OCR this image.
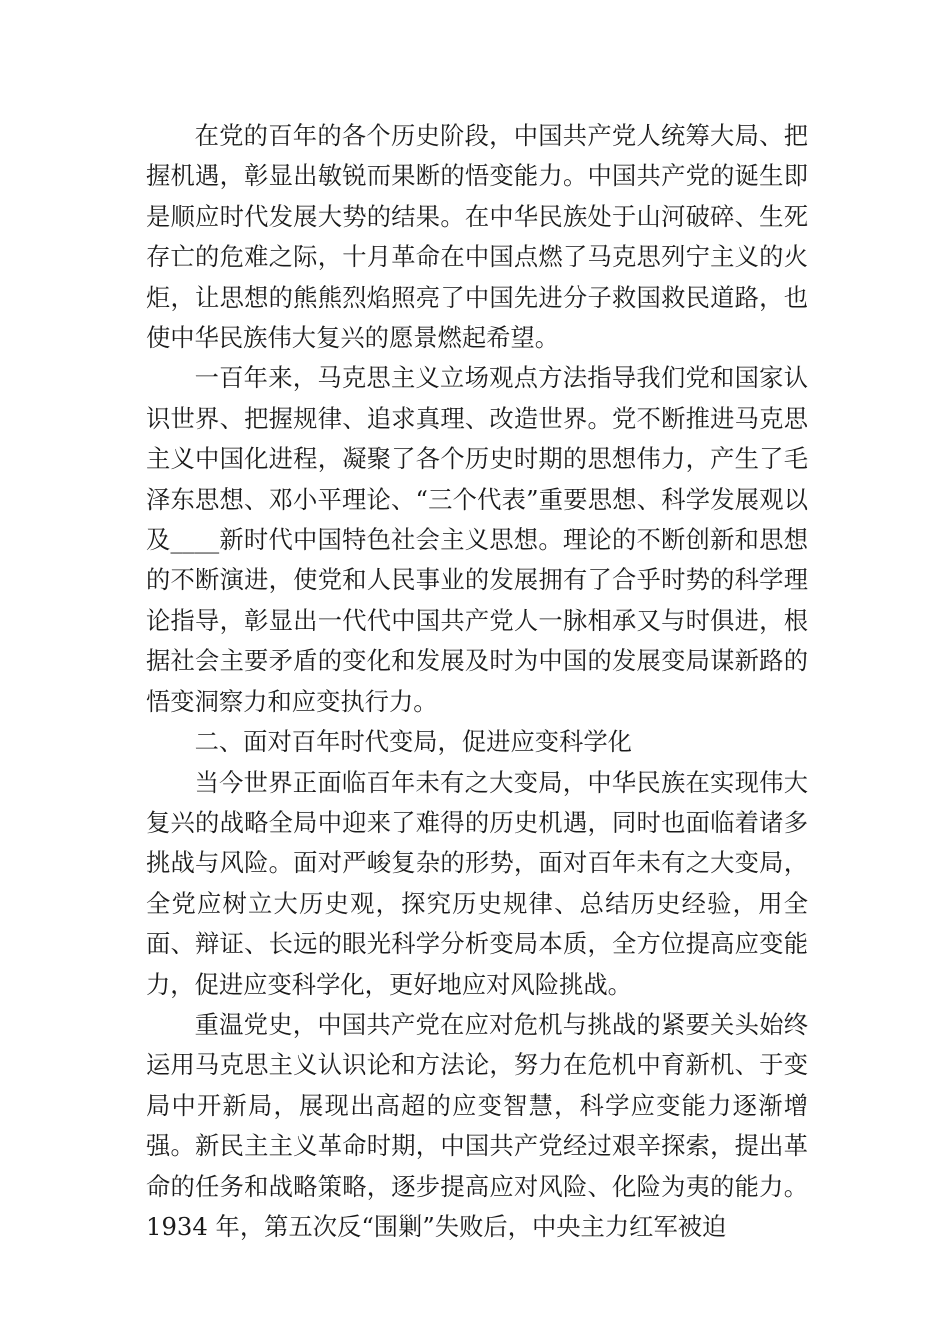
在党的百年的各个历史阶段，中国共产党人统筹大局、把握机遇，彰显出敏锐而果断的悟变能力。中国共产党的诞生即是顺应时代发展大势的结果。在中华民族处于山河破碎、生死存亡的危难之际，十月革命在中国点燃了马克思列宁主义的火炬，让思想的熊熊烈焰照亮了中国先进分子救国救民道路，也使中华民族伟大复兴的愿景燃起希望。

一百年来，马克思主义立场观点方法指导我们党和国家认识世界、把握规律、追求真理、改造世界。党不断推进马克思主义中国化进程，凝聚了各个历史时期的思想伟力，产生了毛泽东思想、邓小平理论、“三个代表”重要思想、科学发展观以及____新时代中国特色社会主义思想。理论的不断创新和思想的不断演进，使党和人民事业的发展拥有了合乎时势的科学理论指导，彰显出一代代中国共产党人一脉相承又与时俱进，根据社会主要矛盾的变化和发展及时为中国的发展变局谋新路的悟变洞察力和应变执行力。

二、面对百年时代变局，促进应变科学化

当今世界正面临百年未有之大变局，中华民族在实现伟大复兴的战略全局中迎来了难得的历史机遇，同时也面临着诸多挑战与风险。面对严峻复杂的形势，面对百年未有之大变局，全党应树立大历史观，探究历史规律、总结历史经验，用全面、辩证、长远的眼光科学分析变局本质，全方位提高应变能力，促进应变科学化，更好地应对风险挑战。

重温党史，中国共产党在应对危机与挑战的紧要关头始终运用马克思主义认识论和方法论，努力在危机中育新机、于变局中开新局，展现出高超的应变智慧，科学应变能力逐渐增强。新民主主义革命时期，中国共产党经过艰辛探索，提出革命的任务和战略策略，逐步提高应对风险、化险为夷的能力。1934 年，第五次反“围剿”失败后，中央主力红军被迫
